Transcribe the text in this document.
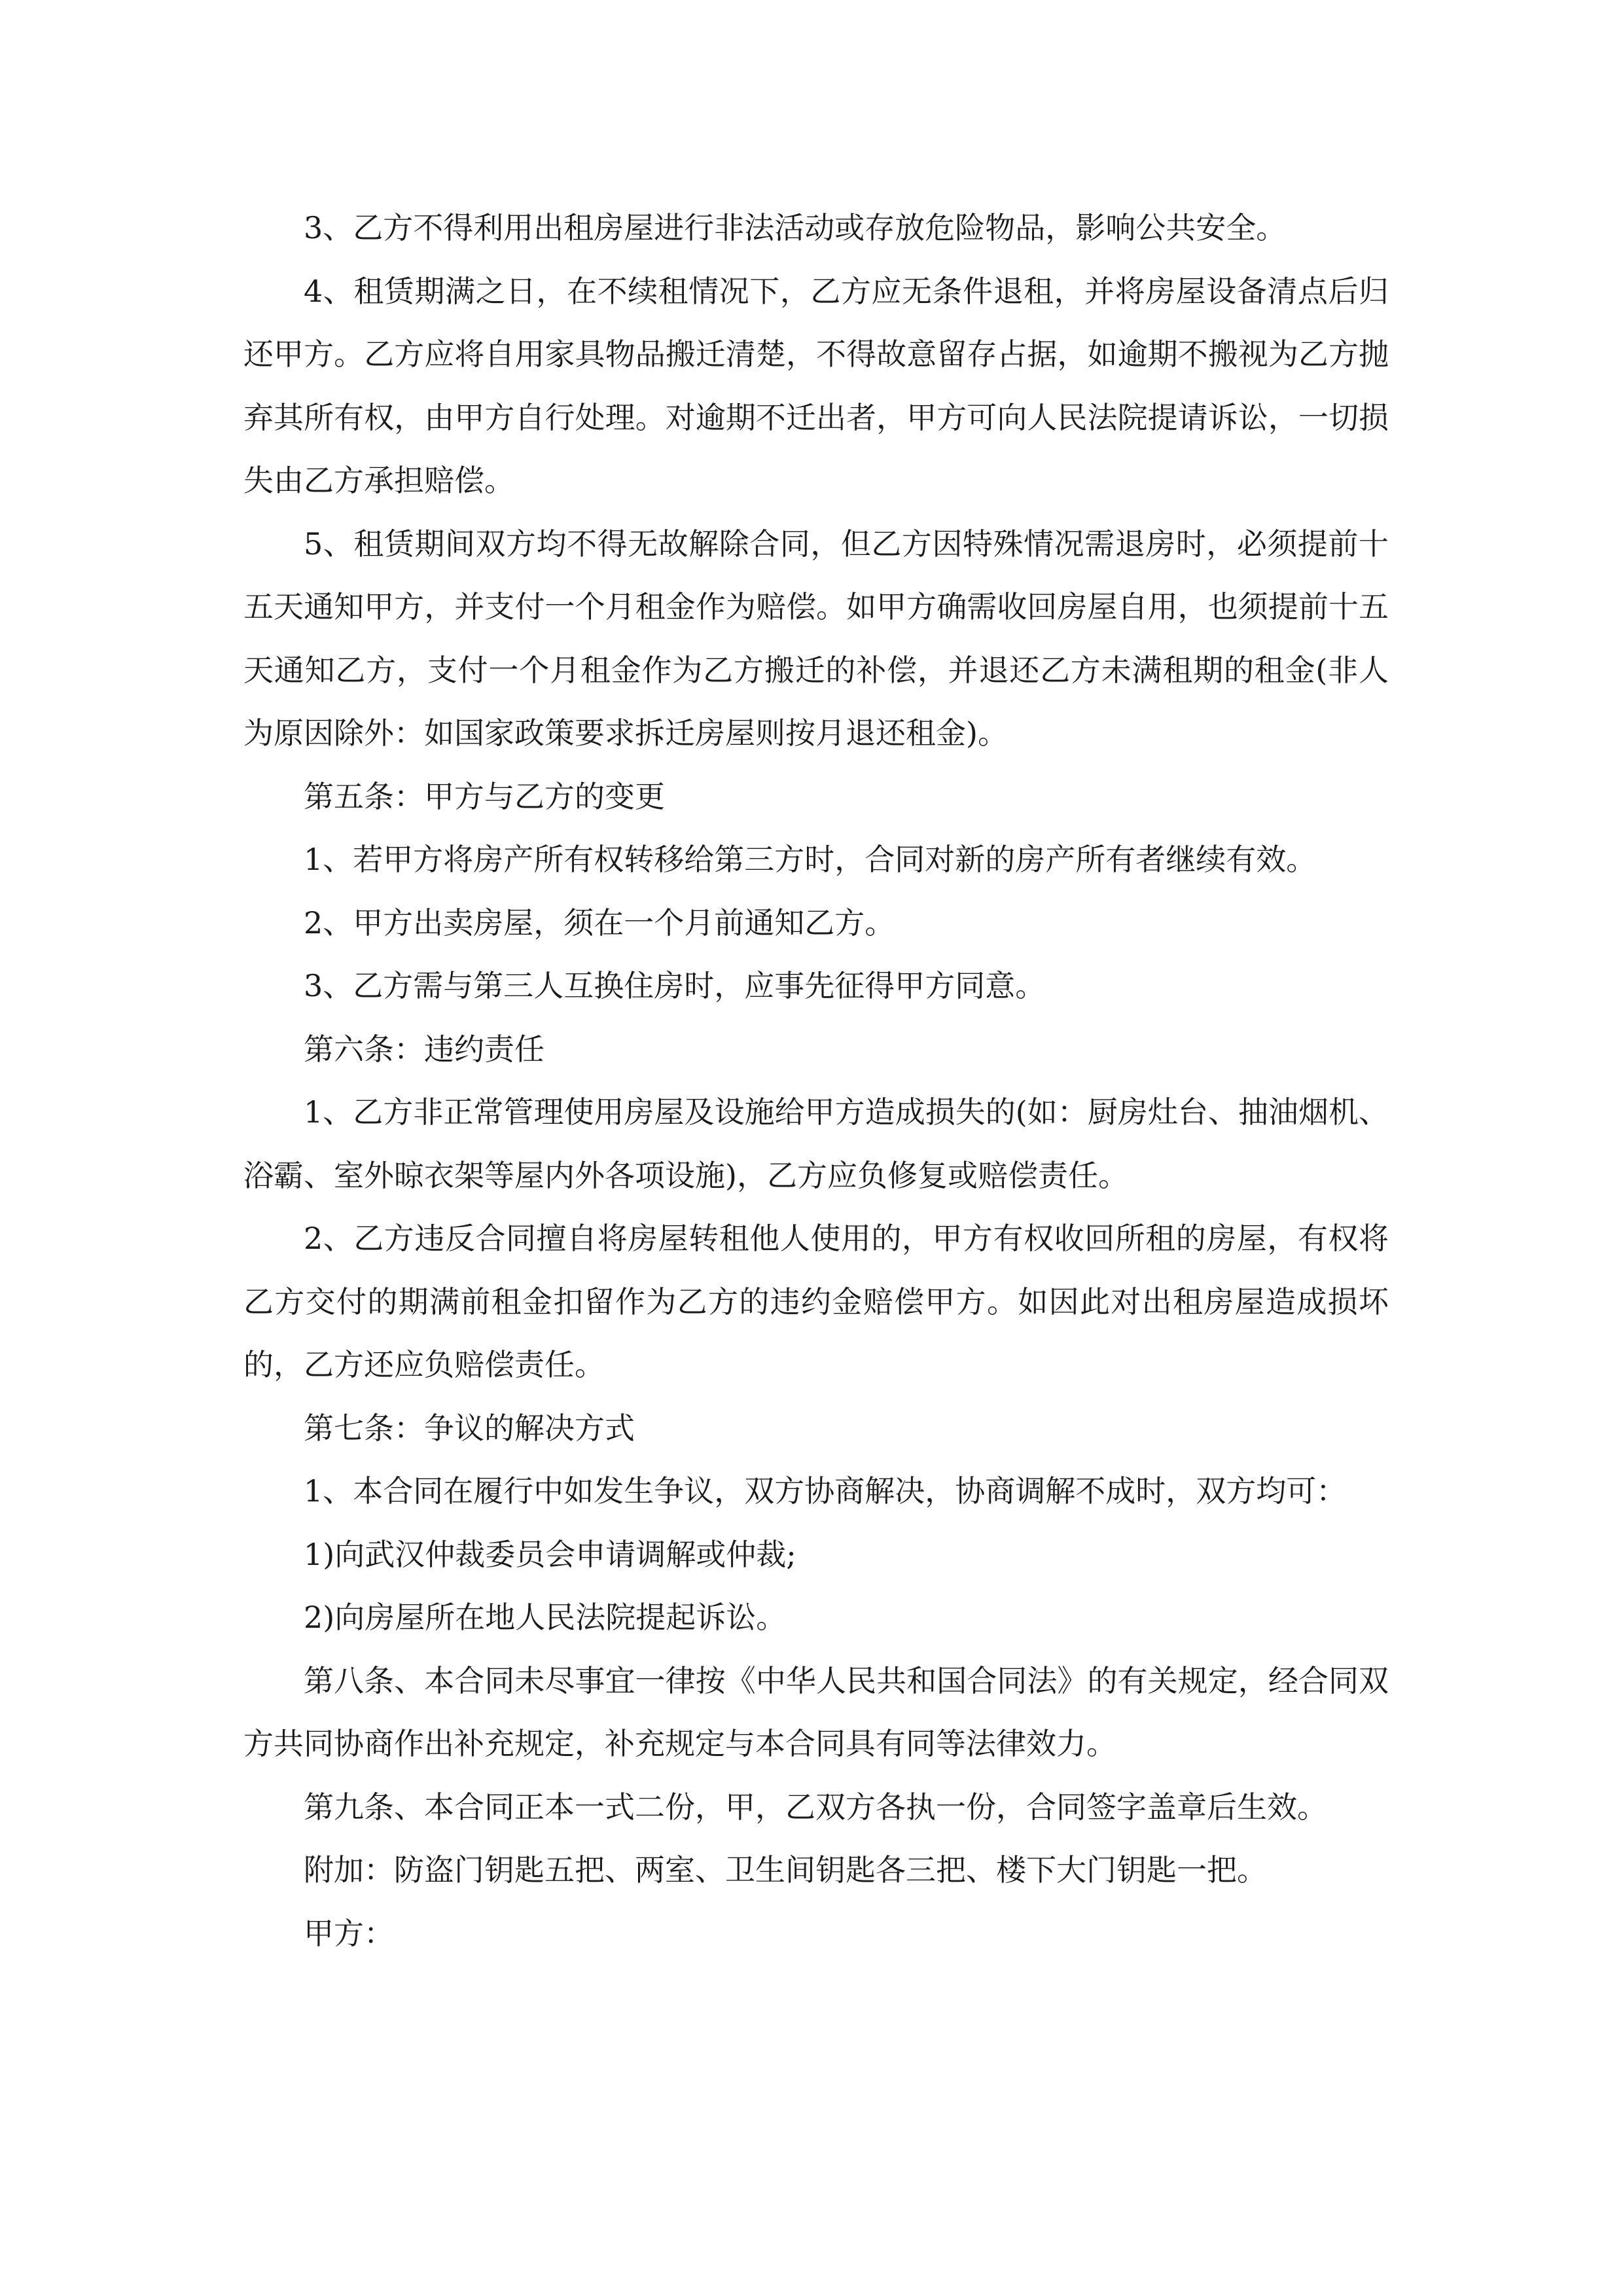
3、乙方不得利用出租房屋进行非法活动或存放危险物品，影响公共安全。

4、租赁期满之日，在不续租情况下，乙方应无条件退租，并将房屋设备清点后归还甲方。乙方应将自用家具物品搬迁清楚，不得故意留存占据，如逾期不搬视为乙方抛弃其所有权，由甲方自行处理。对逾期不迁出者，甲方可向人民法院提请诉讼，一切损失由乙方承担赔偿。

5、租赁期间双方均不得无故解除合同，但乙方因特殊情况需退房时，必须提前十五天通知甲方，并支付一个月租金作为赔偿。如甲方确需收回房屋自用，也须提前十五天通知乙方，支付一个月租金作为乙方搬迁的补偿，并退还乙方未满租期的租金(非人为原因除外：如国家政策要求拆迁房屋则按月退还租金)。

第五条：甲方与乙方的变更

1、若甲方将房产所有权转移给第三方时，合同对新的房产所有者继续有效。

2、甲方出卖房屋，须在一个月前通知乙方。

3、乙方需与第三人互换住房时，应事先征得甲方同意。

第六条：违约责任

1、乙方非正常管理使用房屋及设施给甲方造成损失的(如：厨房灶台、抽油烟机、浴霸、室外晾衣架等屋内外各项设施)，乙方应负修复或赔偿责任。

2、乙方违反合同擅自将房屋转租他人使用的，甲方有权收回所租的房屋，有权将乙方交付的期满前租金扣留作为乙方的违约金赔偿甲方。如因此对出租房屋造成损坏的，乙方还应负赔偿责任。

第七条：争议的解决方式

1、本合同在履行中如发生争议，双方协商解决，协商调解不成时，双方均可：

1)向武汉仲裁委员会申请调解或仲裁;

2)向房屋所在地人民法院提起诉讼。

第八条、本合同未尽事宜一律按《中华人民共和国合同法》的有关规定，经合同双方共同协商作出补充规定，补充规定与本合同具有同等法律效力。

第九条、本合同正本一式二份，甲，乙双方各执一份，合同签字盖章后生效。

附加：防盗门钥匙五把、两室、卫生间钥匙各三把、楼下大门钥匙一把。

甲方：
